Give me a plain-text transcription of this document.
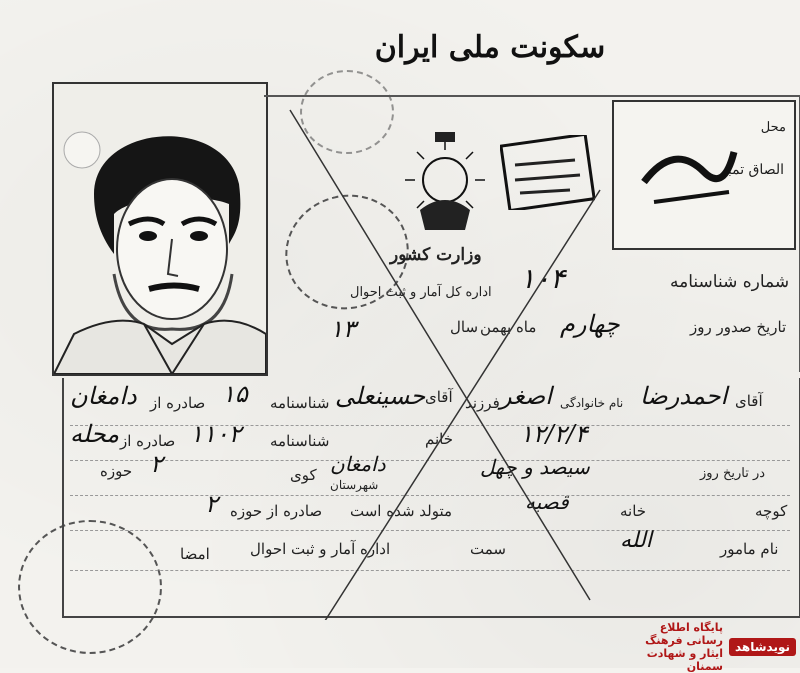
سکونت ملی ایران
محل
الصاق تمبر
وزارت کشور
اداره کل آمار و ثبت احوال
شماره شناسنامه
۱۰۴
تاریخ صدور روز
چهارم
ماه بهمن
سال
۱۳
آقای
احمدرضا
نام خانوادگی
اصغر
فرزند
آقای
حسینعلی
شناسنامه
۱۵
صادره از
دامغان
خانم	۱۲/۲/۴
شناسنامه
۱۱۰۲
صادره از
محله
در تاریخ روز
سیصد و چهل
شهرستان
دامغان
کوی
حوزه ۲
کوچه
خانه
قصبه
متولد شده است
صادره از حوزه
۲
نام مامور
الله
سمت
اداره آمار و ثبت احوال
امضا
پایگاه اطلاع رسانی فرهنگ ایثار و شهادت سمنان
نویدشاهد
